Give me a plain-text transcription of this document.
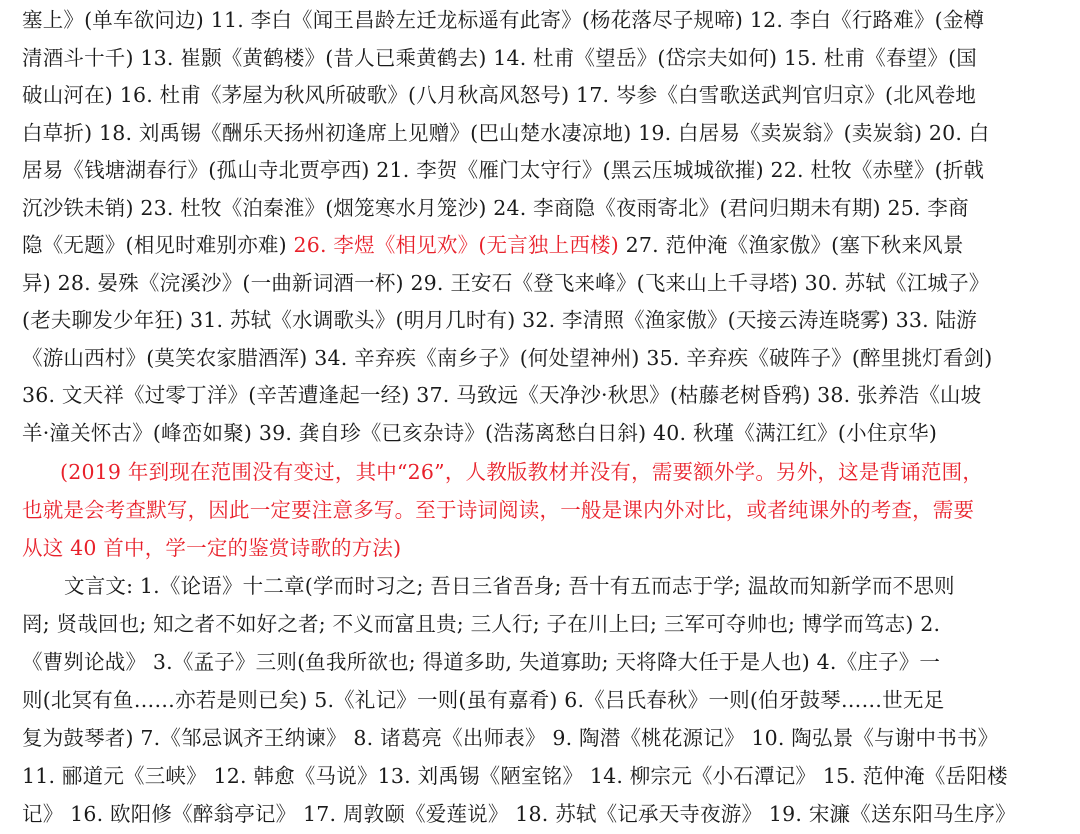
塞上》(单车欲问边) 11. 李白《闻王昌龄左迁龙标遥有此寄》(杨花落尽子规啼) 12. 李白《行路难》(金樽
清酒斗十千) 13. 崔颢《黄鹤楼》(昔人已乘黄鹤去) 14. 杜甫《望岳》(岱宗夫如何) 15. 杜甫《春望》(国
破山河在) 16. 杜甫《茅屋为秋风所破歌》(八月秋高风怒号) 17. 岑参《白雪歌送武判官归京》(北风卷地
白草折) 18. 刘禹锡《酬乐天扬州初逢席上见赠》(巴山楚水凄凉地) 19. 白居易《卖炭翁》(卖炭翁) 20. 白
居易《钱塘湖春行》(孤山寺北贾亭西) 21. 李贺《雁门太守行》(黑云压城城欲摧) 22. 杜牧《赤壁》(折戟
沉沙铁未销) 23. 杜牧《泊秦淮》(烟笼寒水月笼沙) 24. 李商隐《夜雨寄北》(君问归期未有期) 25. 李商
隐《无题》(相见时难别亦难) 26. 李煜《相见欢》(无言独上西楼) 27. 范仲淹《渔家傲》(塞下秋来风景
异) 28. 晏殊《浣溪沙》(一曲新词酒一杯) 29. 王安石《登飞来峰》(飞来山上千寻塔) 30. 苏轼《江城子》
(老夫聊发少年狂) 31. 苏轼《水调歌头》(明月几时有) 32. 李清照《渔家傲》(天接云涛连晓雾) 33. 陆游
《游山西村》(莫笑农家腊酒浑) 34. 辛弃疾《南乡子》(何处望神州) 35. 辛弃疾《破阵子》(醉里挑灯看剑)
36. 文天祥《过零丁洋》(辛苦遭逢起一经) 37. 马致远《天净沙·秋思》(枯藤老树昏鸦) 38. 张养浩《山坡
羊·潼关怀古》(峰峦如聚) 39. 龚自珍《已亥杂诗》(浩荡离愁白日斜) 40. 秋瑾《满江红》(小住京华)
(2019 年到现在范围没有变过，其中“26”，人教版教材并没有，需要额外学。另外，这是背诵范围，
也就是会考查默写，因此一定要注意多写。至于诗词阅读，一般是课内外对比，或者纯课外的考查，需要
从这 40 首中，学一定的鉴赏诗歌的方法)
文言文: 1.《论语》十二章(学而时习之; 吾日三省吾身; 吾十有五而志于学; 温故而知新学而不思则
罔; 贤哉回也; 知之者不如好之者; 不义而富且贵; 三人行; 子在川上曰; 三军可夺帅也; 博学而笃志) 2.
《曹刿论战》 3.《孟子》三则(鱼我所欲也; 得道多助, 失道寡助; 天将降大任于是人也) 4.《庄子》一
则(北冥有鱼……亦若是则已矣) 5.《礼记》一则(虽有嘉肴) 6.《吕氏春秋》一则(伯牙鼓琴……世无足
复为鼓琴者) 7.《邹忌讽齐王纳谏》 8. 诸葛亮《出师表》 9. 陶潜《桃花源记》 10. 陶弘景《与谢中书书》
11. 郦道元《三峡》 12. 韩愈《马说》13. 刘禹锡《陋室铭》 14. 柳宗元《小石潭记》 15. 范仲淹《岳阳楼
记》 16. 欧阳修《醉翁亭记》 17. 周敦颐《爱莲说》 18. 苏轼《记承天寺夜游》 19. 宋濂《送东阳马生序》
